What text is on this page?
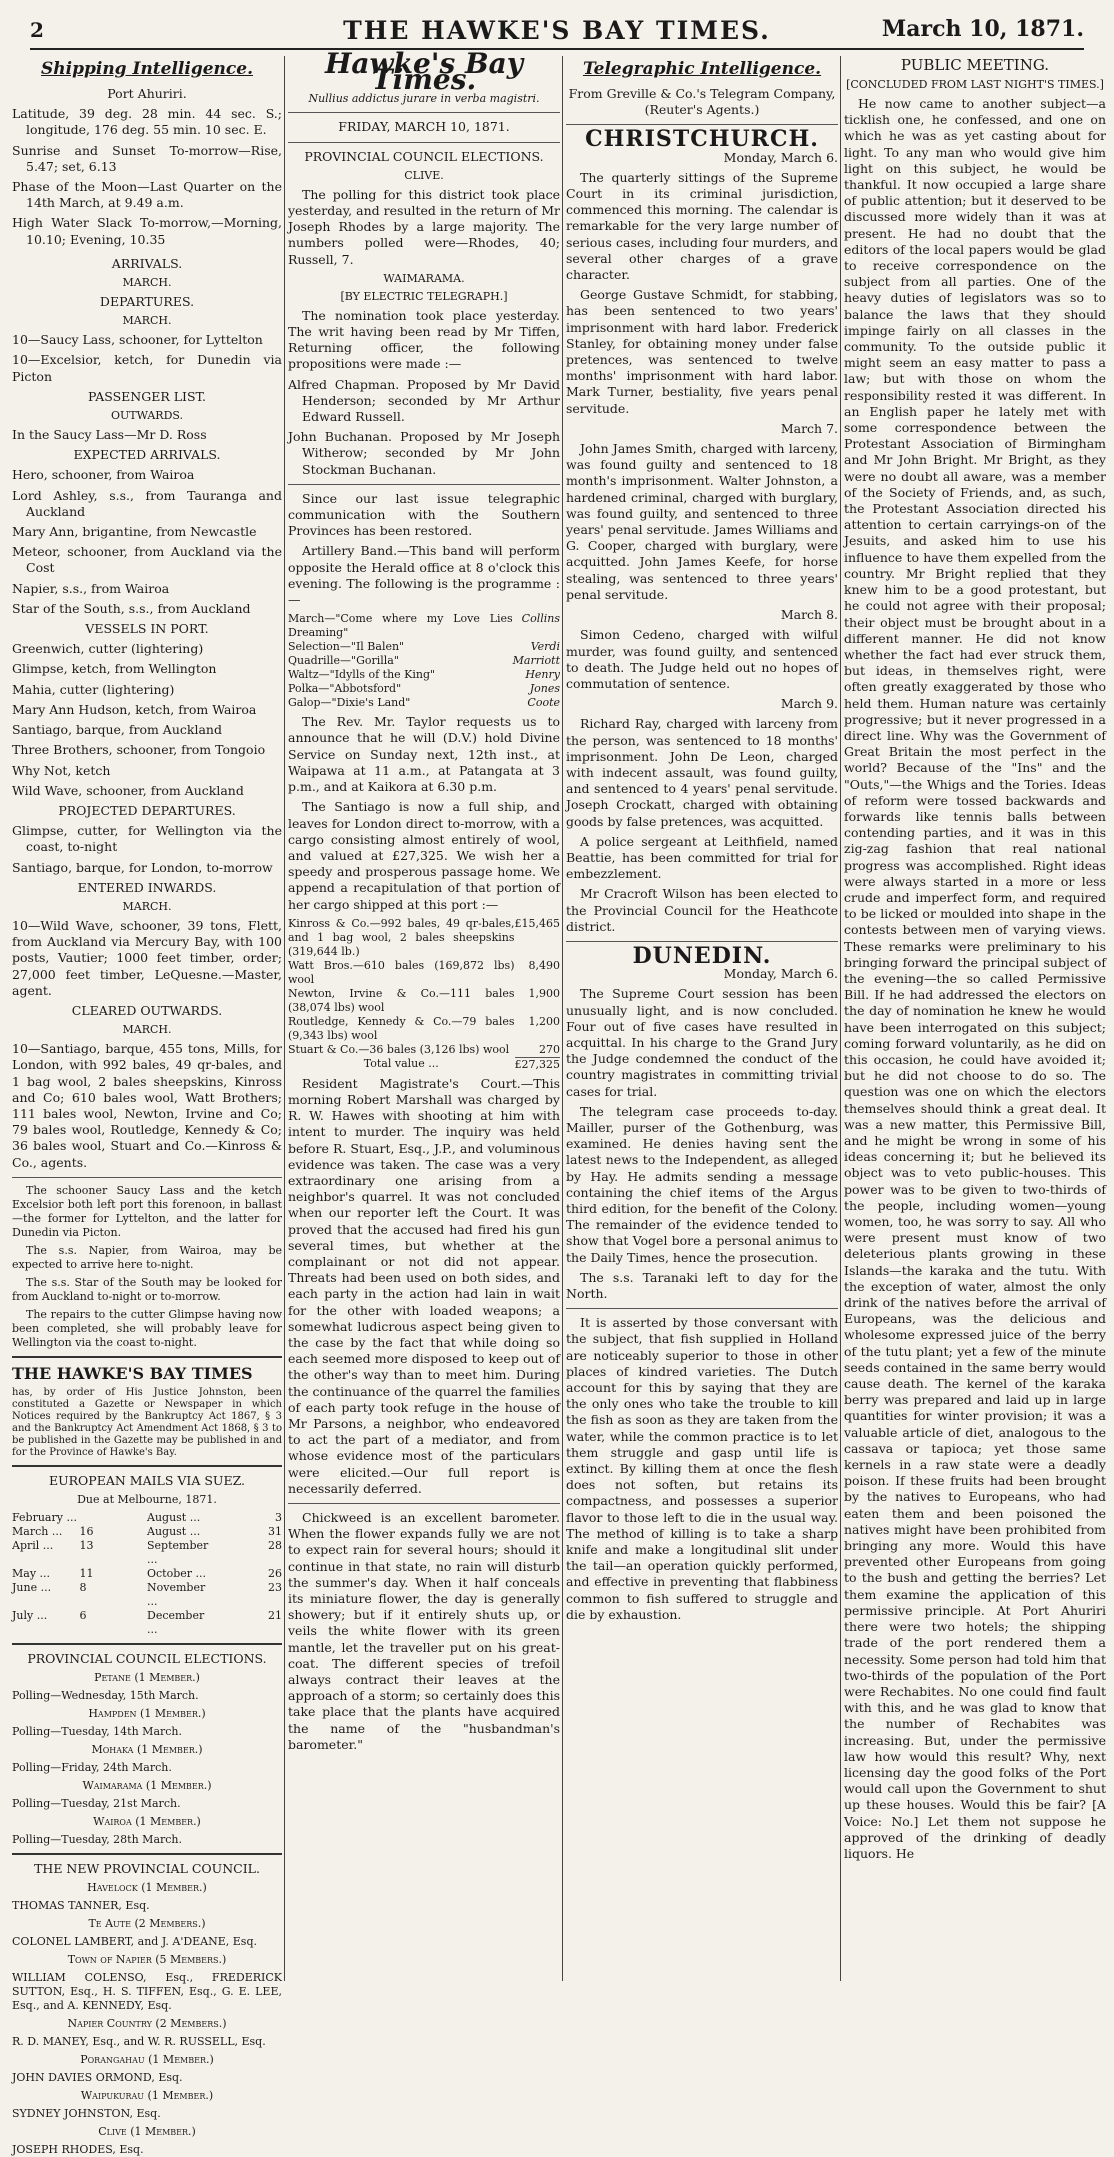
2	THE HAWKE'S BAY TIMES.	March 10, 1871.
Shipping Intelligence.

Port Ahuriri.

Latitude, 39 deg. 28 min. 44 sec. S.; longitude, 176 deg. 55 min. 10 sec. E.

Sunrise and Sunset To-morrow—Rise, 5.47; set, 6.13

Phase of the Moon—Last Quarter on the 14th March, at 9.49 a.m.

High Water Slack To-morrow,—Morning, 10.10; Evening, 10.35

ARRIVALS.

MARCH.

DEPARTURES.

MARCH.

10—Saucy Lass, schooner, for Lyttelton

10—Excelsior, ketch, for Dunedin via Picton

PASSENGER LIST.

OUTWARDS.

In the Saucy Lass—Mr D. Ross

EXPECTED ARRIVALS.

Hero, schooner, from Wairoa

Lord Ashley, s.s., from Tauranga and Auckland

Mary Ann, brigantine, from Newcastle

Meteor, schooner, from Auckland via the Cost

Napier, s.s., from Wairoa

Star of the South, s.s., from Auckland

VESSELS IN PORT.

Greenwich, cutter (lightering)

Glimpse, ketch, from Wellington

Mahia, cutter (lightering)

Mary Ann Hudson, ketch, from Wairoa

Santiago, barque, from Auckland

Three Brothers, schooner, from Tongoio

Why Not, ketch

Wild Wave, schooner, from Auckland

PROJECTED DEPARTURES.

Glimpse, cutter, for Wellington via the coast, to-night

Santiago, barque, for London, to-morrow

ENTERED INWARDS.

MARCH.

10—Wild Wave, schooner, 39 tons, Flett, from Auckland via Mercury Bay, with 100 posts, Vautier; 1000 feet timber, order; 27,000 feet timber, LeQuesne.—Master, agent.

CLEARED OUTWARDS.

MARCH.

10—Santiago, barque, 455 tons, Mills, for London, with 992 bales, 49 qr-bales, and 1 bag wool, 2 bales sheepskins, Kinross and Co; 610 bales wool, Watt Brothers; 111 bales wool, Newton, Irvine and Co; 79 bales wool, Routledge, Kennedy & Co; 36 bales wool, Stuart and Co.—Kinross & Co., agents.

The schooner Saucy Lass and the ketch Excelsior both left port this forenoon, in ballast—the former for Lyttelton, and the latter for Dunedin via Picton.

The s.s. Napier, from Wairoa, may be expected to arrive here to-night.

The s.s. Star of the South may be looked for from Auckland to-night or to-morrow.

The repairs to the cutter Glimpse having now been completed, she will probably leave for Wellington via the coast to-night.

THE HAWKE'S BAY TIMES

has, by order of His Justice Johnston, been constituted a Gazette or Newspaper in which Notices required by the Bankruptcy Act 1867, § 3 and the Bankruptcy Act Amendment Act 1868, § 3 to be published in the Gazette may be published in and for the Province of Hawke's Bay.

EUROPEAN MAILS VIA SUEZ.

Due at Melbourne, 1871.

February ...		August ...	3
March ...	16	August ...	31
April ...	13	September ...	28
May ...	11	October ...	26
June ...	8	November ...	23
July ...	6	December ...	21

PROVINCIAL COUNCIL ELECTIONS.

Petane (1 Member.)

Polling—Wednesday, 15th March.

Hampden (1 Member.)

Polling—Tuesday, 14th March.

Mohaka (1 Member.)

Polling—Friday, 24th March.

Waimarama (1 Member.)

Polling—Tuesday, 21st March.

Wairoa (1 Member.)

Polling—Tuesday, 28th March.

THE NEW PROVINCIAL COUNCIL.

Havelock (1 Member.)

THOMAS TANNER, Esq.

Te Aute (2 Members.)

COLONEL LAMBERT, and J. A'DEANE, Esq.

Town of Napier (5 Members.)

WILLIAM COLENSO, Esq., FREDERICK SUTTON, Esq., H. S. TIFFEN, Esq., G. E. LEE, Esq., and A. KENNEDY, Esq.

Napier Country (2 Members.)

R. D. MANEY, Esq., and W. R. RUSSELL, Esq.

Porangahau (1 Member.)

JOHN DAVIES ORMOND, Esq.

Waipukurau (1 Member.)

SYDNEY JOHNSTON, Esq.

Clive (1 Member.)

JOSEPH RHODES, Esq.

Hawke's Bay Times.

Nullius addictus jurare in verba magistri.

FRIDAY, MARCH 10, 1871.

PROVINCIAL COUNCIL ELECTIONS.

CLIVE.

The polling for this district took place yesterday, and resulted in the return of Mr Joseph Rhodes by a large majority. The numbers polled were—Rhodes, 40; Russell, 7.

WAIMARAMA.

[BY ELECTRIC TELEGRAPH.]

The nomination took place yesterday. The writ having been read by Mr Tiffen, Returning officer, the following propositions were made :—

Alfred Chapman. Proposed by Mr David Henderson; seconded by Mr Arthur Edward Russell.

John Buchanan. Proposed by Mr Joseph Witherow; seconded by Mr John Stockman Buchanan.

Since our last issue telegraphic communication with the Southern Provinces has been restored.

Artillery Band.—This band will perform opposite the Herald office at 8 o'clock this evening. The following is the programme :—

March—"Come where my Love Lies Dreaming"	Collins
Selection—"Il Balen"	Verdi
Quadrille—"Gorilla"	Marriott
Waltz—"Idylls of the King"	Henry
Polka—"Abbotsford"	Jones
Galop—"Dixie's Land"	Coote

The Rev. Mr. Taylor requests us to announce that he will (D.V.) hold Divine Service on Sunday next, 12th inst., at Waipawa at 11 a.m., at Patangata at 3 p.m., and at Kaikora at 6.30 p.m.

The Santiago is now a full ship, and leaves for London direct to-morrow, with a cargo consisting almost entirely of wool, and valued at £27,325. We wish her a speedy and prosperous passage home. We append a recapitulation of that portion of her cargo shipped at this port :—

Kinross & Co.—992 bales, 49 qr-bales, and 1 bag wool, 2 bales sheepskins (319,644 lb.)	£15,465
Watt Bros.—610 bales (169,872 lbs) wool	8,490
Newton, Irvine & Co.—111 bales (38,074 lbs) wool	1,900
Routledge, Kennedy & Co.—79 bales (9,343 lbs) wool	1,200
Stuart & Co.—36 bales (3,126 lbs) wool	270
Total value ...	£27,325

Resident Magistrate's Court.—This morning Robert Marshall was charged by R. W. Hawes with shooting at him with intent to murder. The inquiry was held before R. Stuart, Esq., J.P., and voluminous evidence was taken. The case was a very extraordinary one arising from a neighbor's quarrel. It was not concluded when our reporter left the Court. It was proved that the accused had fired his gun several times, but whether at the complainant or not did not appear. Threats had been used on both sides, and each party in the action had lain in wait for the other with loaded weapons; a somewhat ludicrous aspect being given to the case by the fact that while doing so each seemed more disposed to keep out of the other's way than to meet him. During the continuance of the quarrel the families of each party took refuge in the house of Mr Parsons, a neighbor, who endeavored to act the part of a mediator, and from whose evidence most of the particulars were elicited.—Our full report is necessarily deferred.

Chickweed is an excellent barometer. When the flower expands fully we are not to expect rain for several hours; should it continue in that state, no rain will disturb the summer's day. When it half conceals its miniature flower, the day is generally showery; but if it entirely shuts up, or veils the white flower with its green mantle, let the traveller put on his great-coat. The different species of trefoil always contract their leaves at the approach of a storm; so certainly does this take place that the plants have acquired the name of the "husbandman's barometer."

Telegraphic Intelligence.

From Greville & Co.'s Telegram Company, (Reuter's Agents.)

CHRISTCHURCH.

Monday, March 6.

The quarterly sittings of the Supreme Court in its criminal jurisdiction, commenced this morning. The calendar is remarkable for the very large number of serious cases, including four murders, and several other charges of a grave character.

George Gustave Schmidt, for stabbing, has been sentenced to two years' imprisonment with hard labor. Frederick Stanley, for obtaining money under false pretences, was sentenced to twelve months' imprisonment with hard labor. Mark Turner, bestiality, five years penal servitude.

March 7.

John James Smith, charged with larceny, was found guilty and sentenced to 18 month's imprisonment. Walter Johnston, a hardened criminal, charged with burglary, was found guilty, and sentenced to three years' penal servitude. James Williams and G. Cooper, charged with burglary, were acquitted. John James Keefe, for horse stealing, was sentenced to three years' penal servitude.

March 8.

Simon Cedeno, charged with wilful murder, was found guilty, and sentenced to death. The Judge held out no hopes of commutation of sentence.

March 9.

Richard Ray, charged with larceny from the person, was sentenced to 18 months' imprisonment. John De Leon, charged with indecent assault, was found guilty, and sentenced to 4 years' penal servitude. Joseph Crockatt, charged with obtaining goods by false pretences, was acquitted.

A police sergeant at Leithfield, named Beattie, has been committed for trial for embezzlement.

Mr Cracroft Wilson has been elected to the Provincial Council for the Heathcote district.

DUNEDIN.

Monday, March 6.

The Supreme Court session has been unusually light, and is now concluded. Four out of five cases have resulted in acquittal. In his charge to the Grand Jury the Judge condemned the conduct of the country magistrates in committing trivial cases for trial.

The telegram case proceeds to-day. Mailler, purser of the Gothenburg, was examined. He denies having sent the latest news to the Independent, as alleged by Hay. He admits sending a message containing the chief items of the Argus third edition, for the benefit of the Colony. The remainder of the evidence tended to show that Vogel bore a personal animus to the Daily Times, hence the prosecution.

The s.s. Taranaki left to day for the North.

It is asserted by those conversant with the subject, that fish supplied in Holland are noticeably superior to those in other places of kindred varieties. The Dutch account for this by saying that they are the only ones who take the trouble to kill the fish as soon as they are taken from the water, while the common practice is to let them struggle and gasp until life is extinct. By killing them at once the flesh does not soften, but retains its compactness, and possesses a superior flavor to those left to die in the usual way. The method of killing is to take a sharp knife and make a longitudinal slit under the tail—an operation quickly performed, and effective in preventing that flabbiness common to fish suffered to struggle and die by exhaustion.

PUBLIC MEETING.

[CONCLUDED FROM LAST NIGHT'S TIMES.]

He now came to another subject—a ticklish one, he confessed, and one on which he was as yet casting about for light. To any man who would give him light on this subject, he would be thankful. It now occupied a large share of public attention; but it deserved to be discussed more widely than it was at present. He had no doubt that the editors of the local papers would be glad to receive correspondence on the subject from all parties. One of the heavy duties of legislators was so to balance the laws that they should impinge fairly on all classes in the community. To the outside public it might seem an easy matter to pass a law; but with those on whom the responsibility rested it was different. In an English paper he lately met with some correspondence between the Protestant Association of Birmingham and Mr John Bright. Mr Bright, as they were no doubt all aware, was a member of the Society of Friends, and, as such, the Protestant Association directed his attention to certain carryings-on of the Jesuits, and asked him to use his influence to have them expelled from the country. Mr Bright replied that they knew him to be a good protestant, but he could not agree with their proposal; their object must be brought about in a different manner. He did not know whether the fact had ever struck them, but ideas, in themselves right, were often greatly exaggerated by those who held them. Human nature was certainly progressive; but it never progressed in a direct line. Why was the Government of Great Britain the most perfect in the world? Because of the "Ins" and the "Outs,"—the Whigs and the Tories. Ideas of reform were tossed backwards and forwards like tennis balls between contending parties, and it was in this zig-zag fashion that real national progress was accomplished. Right ideas were always started in a more or less crude and imperfect form, and required to be licked or moulded into shape in the contests between men of varying views. These remarks were preliminary to his bringing forward the principal subject of the evening—the so called Permissive Bill. If he had addressed the electors on the day of nomination he knew he would have been interrogated on this subject; coming forward voluntarily, as he did on this occasion, he could have avoided it; but he did not choose to do so. The question was one on which the electors themselves should think a great deal. It was a new matter, this Permissive Bill, and he might be wrong in some of his ideas concerning it; but he believed its object was to veto public-houses. This power was to be given to two-thirds of the people, including women—young women, too, he was sorry to say. All who were present must know of two deleterious plants growing in these Islands—the karaka and the tutu. With the exception of water, almost the only drink of the natives before the arrival of Europeans, was the delicious and wholesome expressed juice of the berry of the tutu plant; yet a few of the minute seeds contained in the same berry would cause death. The kernel of the karaka berry was prepared and laid up in large quantities for winter provision; it was a valuable article of diet, analogous to the cassava or tapioca; yet those same kernels in a raw state were a deadly poison. If these fruits had been brought by the natives to Europeans, who had eaten them and been poisoned the natives might have been prohibited from bringing any more. Would this have prevented other Europeans from going to the bush and getting the berries? Let them examine the application of this permissive principle. At Port Ahuriri there were two hotels; the shipping trade of the port rendered them a necessity. Some person had told him that two-thirds of the population of the Port were Rechabites. No one could find fault with this, and he was glad to know that the number of Rechabites was increasing. But, under the permissive law how would this result? Why, next licensing day the good folks of the Port would call upon the Government to shut up these houses. Would this be fair? [A Voice: No.] Let them not suppose he approved of the drinking of deadly liquors. He
